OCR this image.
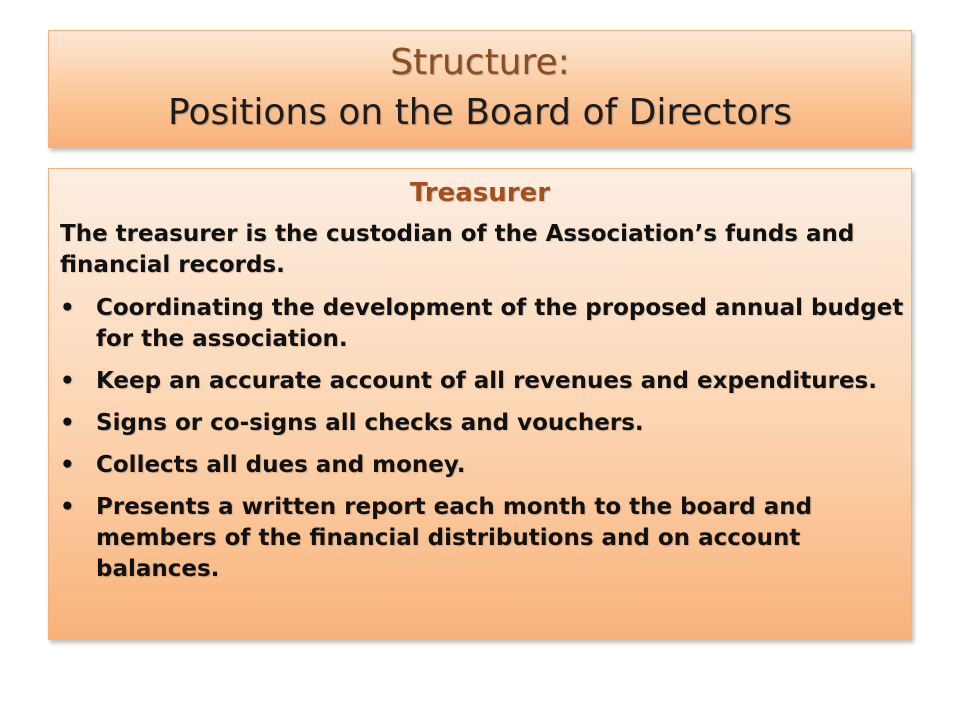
Structure:
Positions on the Board of Directors
Treasurer
The treasurer is the custodian of the Association’s funds and financial records.
• Coordinating the development of the proposed annual budget for the association.
• Keep an accurate account of all revenues and expenditures.
• Signs or co-signs all checks and vouchers.
• Collects all dues and money.
• Presents a written report each month to the board and members of the financial distributions and on account balances.
